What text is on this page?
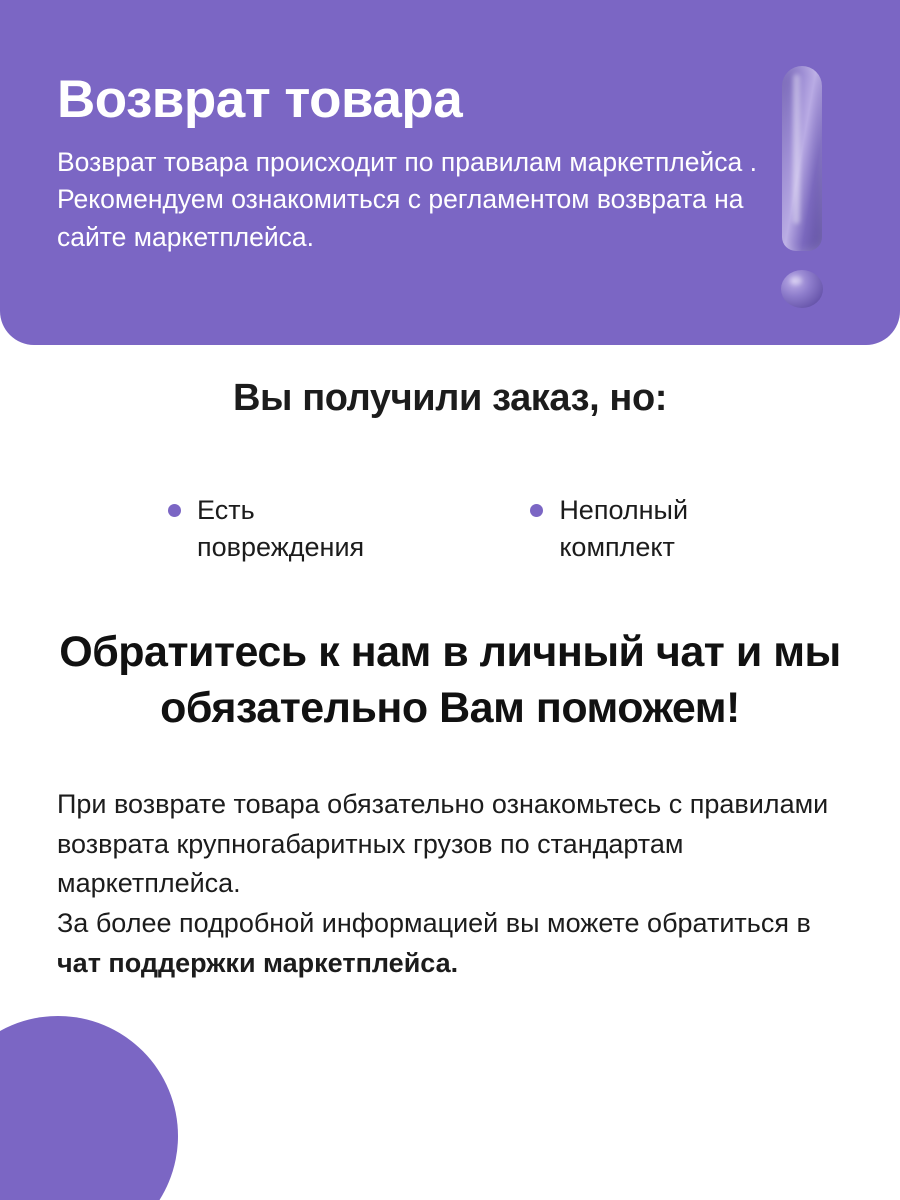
Возврат товара

Возврат товара происходит по правилам маркетплейса . Рекомендуем ознакомиться с регламентом возврата на сайте маркетплейса.

Вы получили заказ, но:
Есть повреждения
Неполный комплект
Обратитесь к нам в личный чат и мы обязательно Вам поможем!

При возврате товара обязательно ознакомьтесь с правилами возврата крупногабаритных грузов по стандартам маркетплейса.

За более подробной информацией вы можете обратиться в чат поддержки маркетплейса.
